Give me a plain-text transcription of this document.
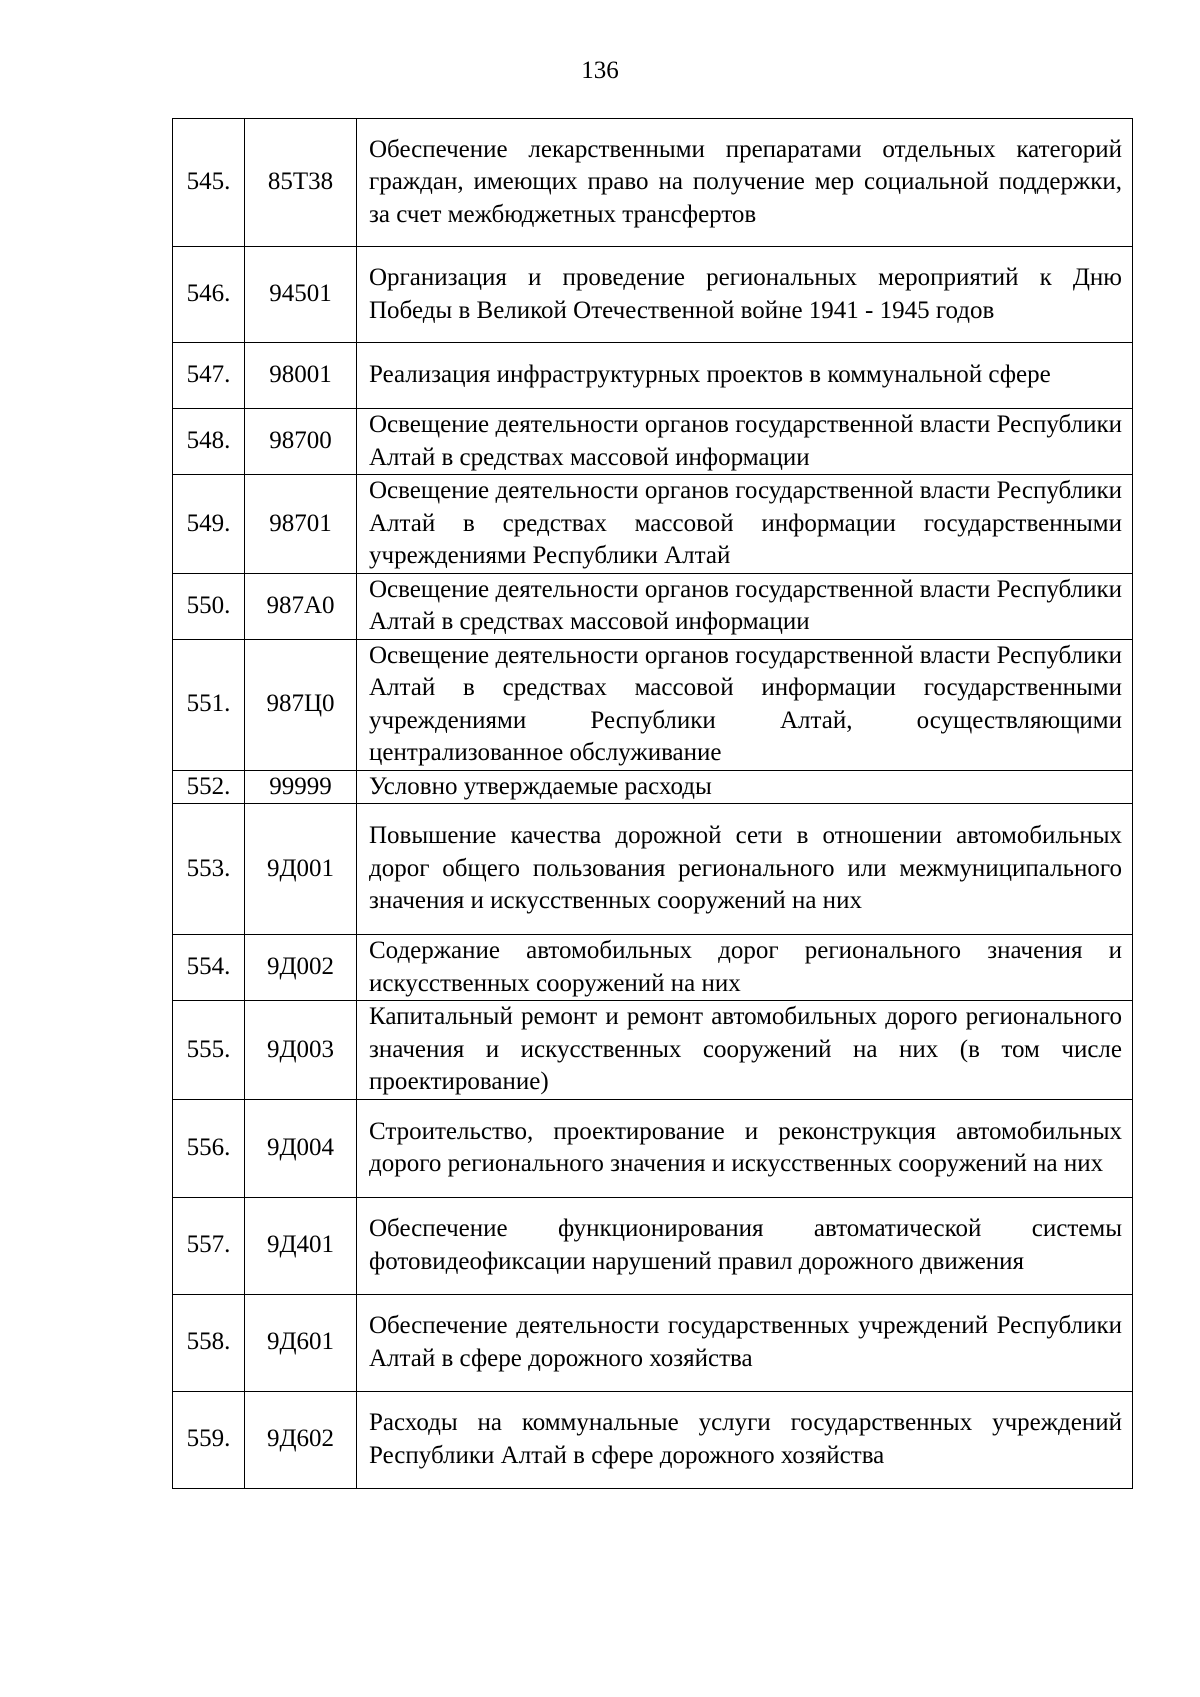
136
545.	85Т38	Обеспечение лекарственными препаратами отдельных категорий граждан, имеющих право на получение мер социальной поддержки, за счет межбюджетных трансфертов
546.	94501	Организация и проведение региональных мероприятий к Дню Победы в Великой Отечественной войне 1941 - 1945 годов
547.	98001	Реализация инфраструктурных проектов в коммунальной сфере
548.	98700	Освещение деятельности органов государственной власти Республики Алтай в средствах массовой информации
549.	98701	Освещение деятельности органов государственной власти Республики Алтай в средствах массовой информации государственными учреждениями Республики Алтай
550.	987А0	Освещение деятельности органов государственной власти Республики Алтай в средствах массовой информации
551.	987Ц0	Освещение деятельности органов государственной власти Республики Алтай в средствах массовой информации государственными учреждениями Республики Алтай, осуществляющими централизованное обслуживание
552.	99999	Условно утверждаемые расходы
553.	9Д001	Повышение качества дорожной сети в отношении автомобильных дорог общего пользования регионального или межмуниципального значения и искусственных сооружений на них
554.	9Д002	Содержание автомобильных дорог регионального значения и искусственных сооружений на них
555.	9Д003	Капитальный ремонт и ремонт автомобильных дорого регионального значения и искусственных сооружений на них (в том числе проектирование)
556.	9Д004	Строительство, проектирование и реконструкция автомобильных дорого регионального значения и искусственных сооружений на них
557.	9Д401	Обеспечение функционирования автоматической системы фотовидеофиксации нарушений правил дорожного движения
558.	9Д601	Обеспечение деятельности государственных учреждений Республики Алтай в сфере дорожного хозяйства
559.	9Д602	Расходы на коммунальные услуги государственных учреждений Республики Алтай в сфере дорожного хозяйства
